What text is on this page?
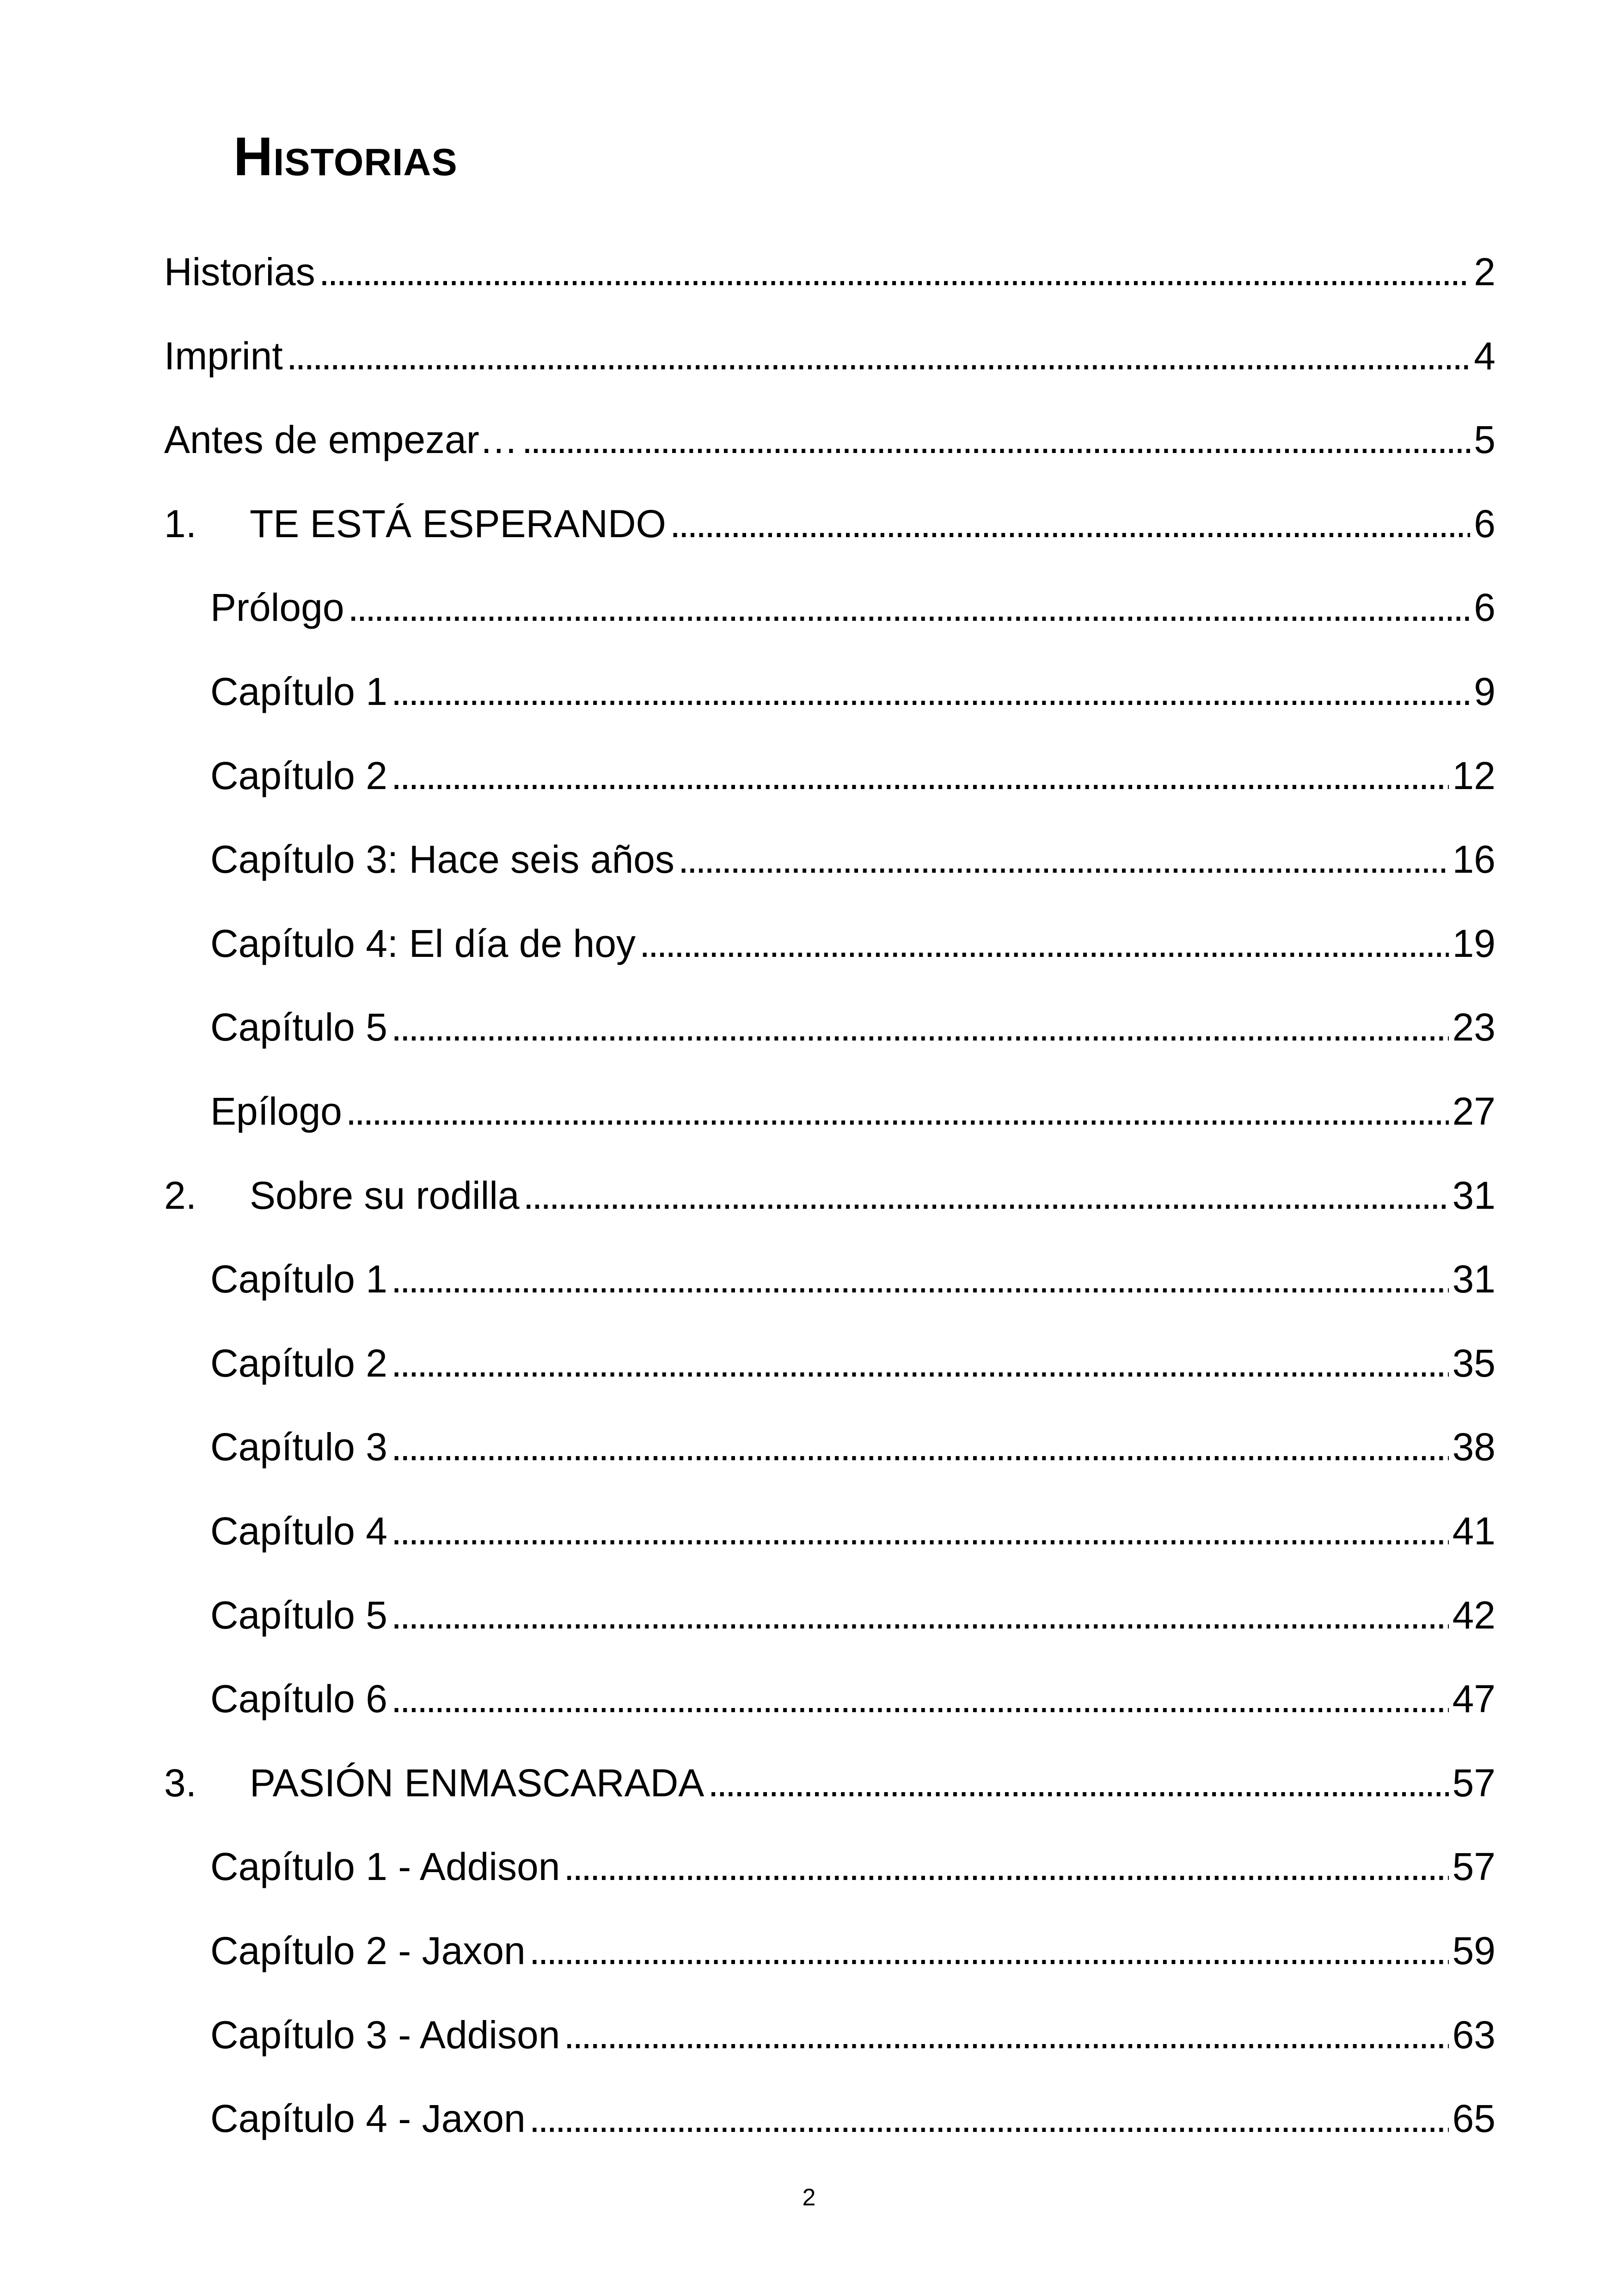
Historias
Historias . . .	2
Imprint . . .	4
Antes de empezar… . . .	5
1.	TE ESTÁ ESPERANDO . . .	6
Prólogo . . .	6
Capítulo 1 . . .	9
Capítulo 2 . . .	12
Capítulo 3: Hace seis años . . .	16
Capítulo 4: El día de hoy . . .	19
Capítulo 5 . . .	23
Epílogo . . .	27
2.	Sobre su rodilla . . .	31
Capítulo 1 . . .	31
Capítulo 2 . . .	35
Capítulo 3 . . .	38
Capítulo 4 . . .	41
Capítulo 5 . . .	42
Capítulo 6 . . .	47
3.	PASIÓN ENMASCARADA . . .	57
Capítulo 1 - Addison . . .	57
Capítulo 2 - Jaxon . . .	59
Capítulo 3 - Addison . . .	63
Capítulo 4 - Jaxon . . .	65
2
